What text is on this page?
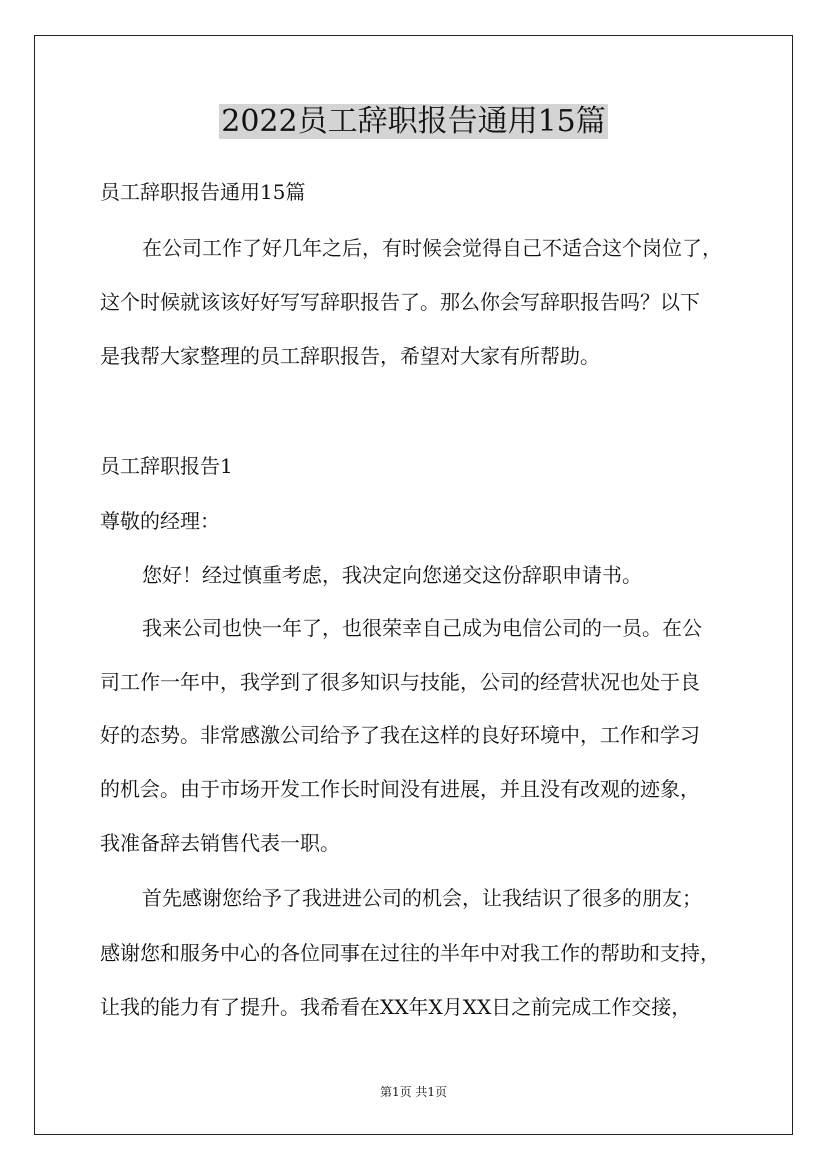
2022员工辞职报告通用15篇

员工辞职报告通用15篇

在公司工作了好几年之后，有时候会觉得自己不适合这个岗位了，

这个时候就该该好好写写辞职报告了。那么你会写辞职报告吗？以下

是我帮大家整理的员工辞职报告，希望对大家有所帮助。

员工辞职报告1

尊敬的经理：

您好！经过慎重考虑，我决定向您递交这份辞职申请书。

我来公司也快一年了，也很荣幸自己成为电信公司的一员。在公

司工作一年中，我学到了很多知识与技能，公司的经营状况也处于良

好的态势。非常感激公司给予了我在这样的良好环境中，工作和学习

的机会。由于市场开发工作长时间没有进展，并且没有改观的迹象，

我准备辞去销售代表一职。

首先感谢您给予了我进进公司的机会，让我结识了很多的朋友；

感谢您和服务中心的各位同事在过往的半年中对我工作的帮助和支持，

让我的能力有了提升。我希看在XX年X月XX日之前完成工作交接，

第1页 共1页
